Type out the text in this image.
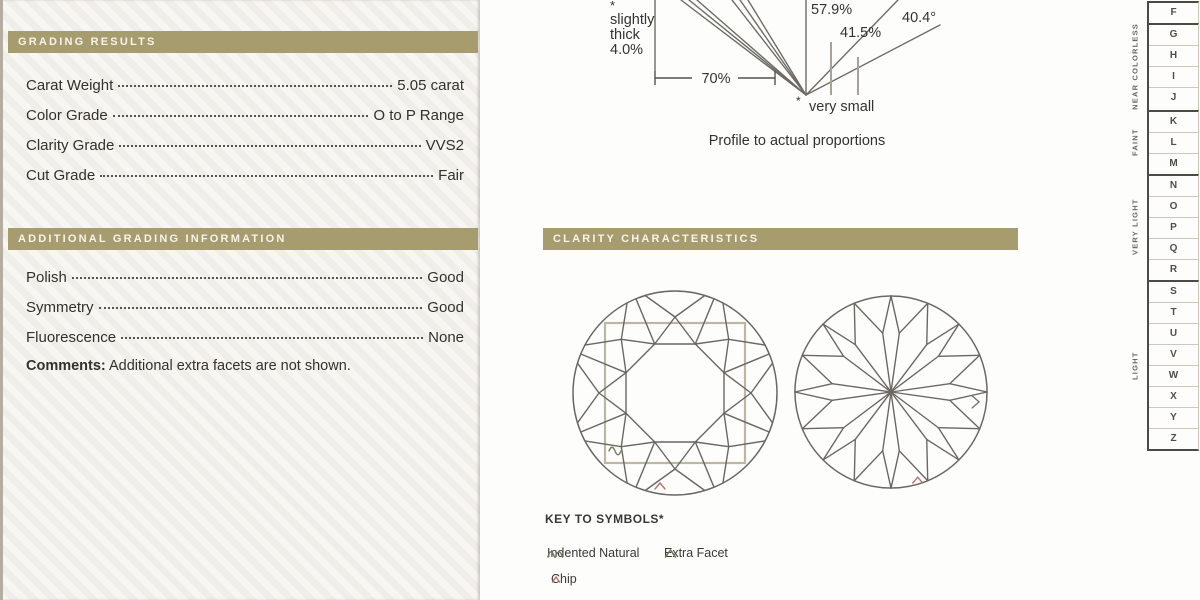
GRADING RESULTS
Carat Weight	5.05 carat
Color Grade	O to P Range
Clarity Grade	VVS2
Cut Grade	Fair
ADDITIONAL GRADING INFORMATION
Polish	Good
Symmetry	Good
Fluorescence	None
Comments: Additional extra facets are not shown.
*
slightly
thick
4.0%
70%
57.9%
41.5%
40.4°
* very small
Profile to actual proportions
CLARITY CHARACTERISTICS
KEY TO SYMBOLS*
Indented Natural Extra Facet
Chip
F
NEAR COLORLESS	G
H
I
J
FAINT
K
L
M
VERY LIGHT
N
O
P
Q
R
LIGHT
S
T
U
V
W
X
Y
Z
